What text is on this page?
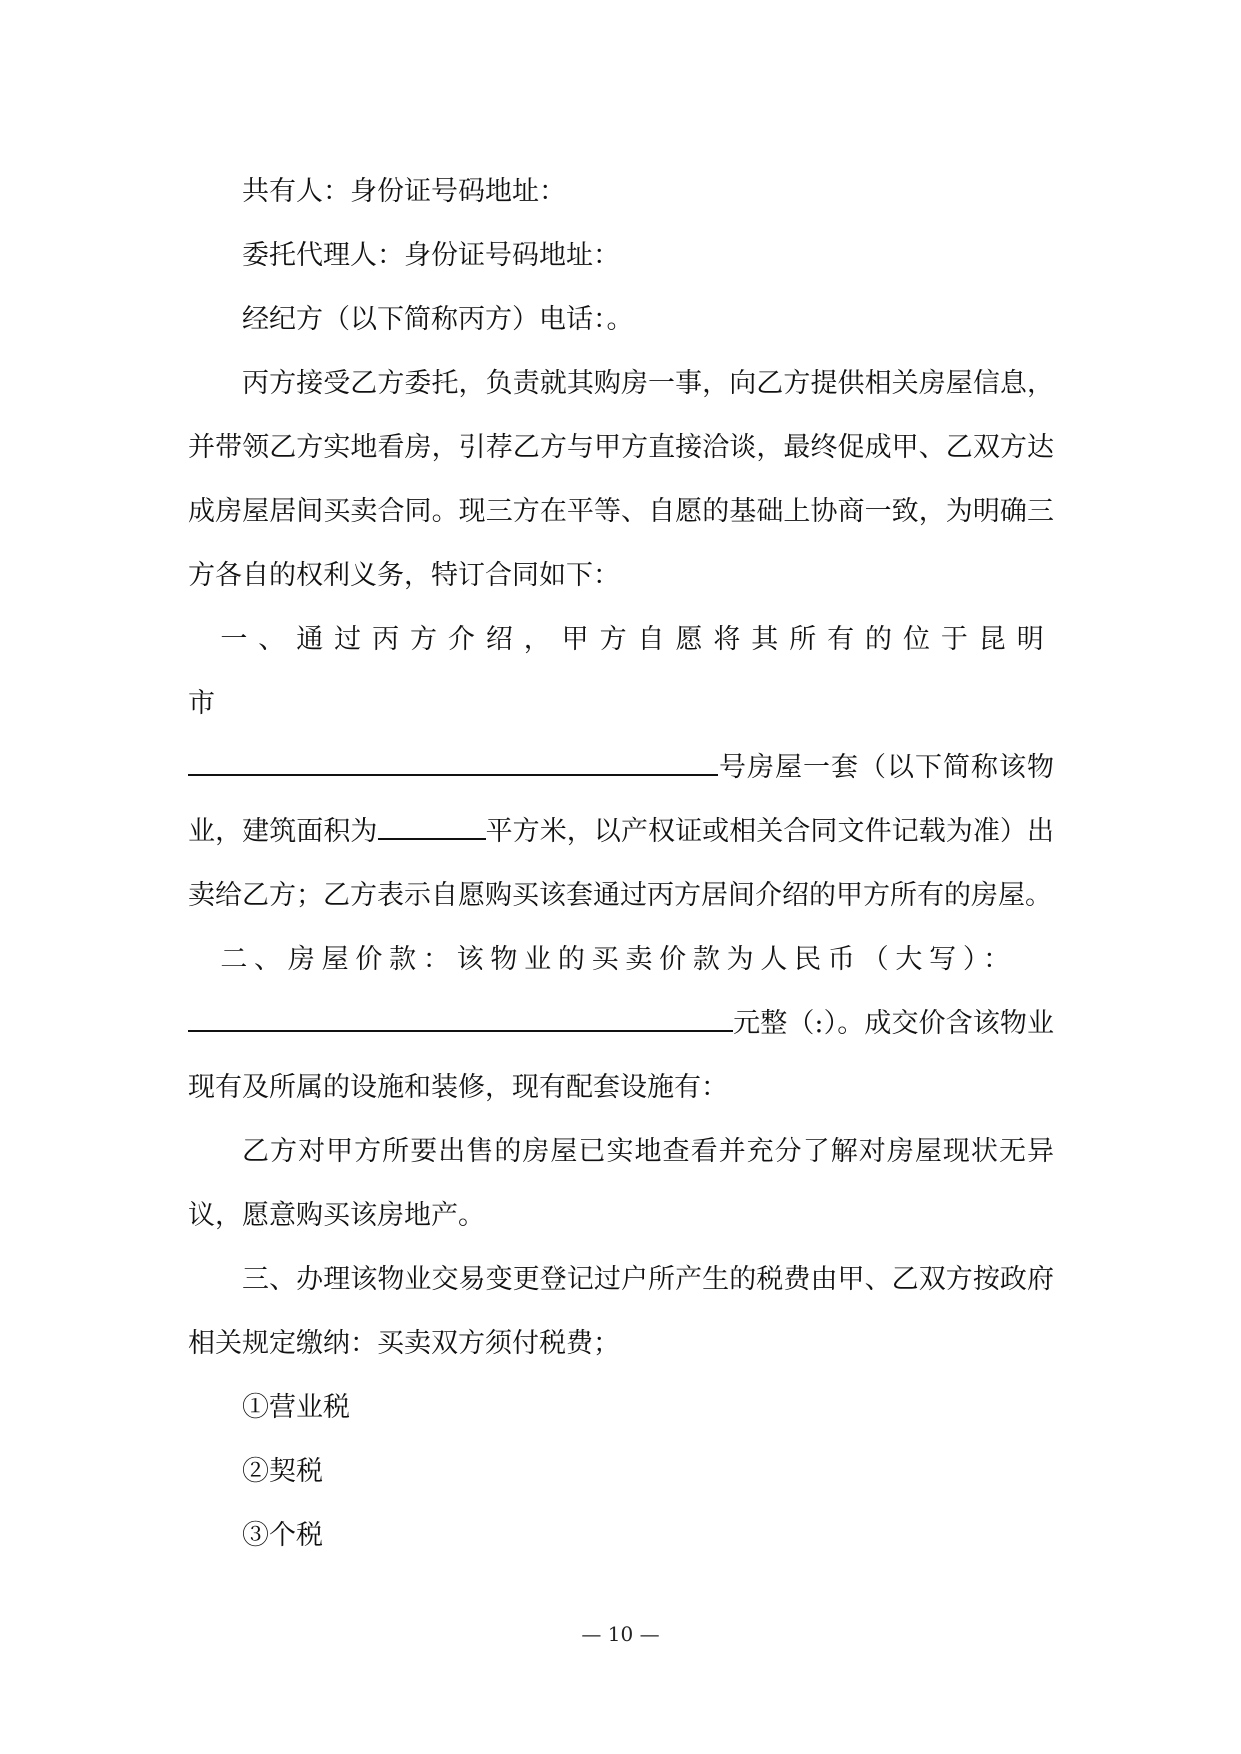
共有人：身份证号码地址：

委托代理人：身份证号码地址：

经纪方（以下简称丙方）电话：。

丙方接受乙方委托，负责就其购房一事，向乙方提供相关房屋信息，并带领乙方实地看房，引荐乙方与甲方直接洽谈，最终促成甲、乙双方达成房屋居间买卖合同。现三方在平等、自愿的基础上协商一致，为明确三方各自的权利义务，特订合同如下：

一、通过丙方介绍，甲方自愿将其所有的位于昆明市
号房屋一套（以下简称该物业，建筑面积为	平方米，以产权证或相关合同文件记载为准）出卖给乙方；乙方表示自愿购买该套通过丙方居间介绍的甲方所有的房屋。

二、房屋价款：该物业的买卖价款为人民币（大写）：
元整（:）。成交价含该物业现有及所属的设施和装修，现有配套设施有：

乙方对甲方所要出售的房屋已实地查看并充分了解对房屋现状无异议，愿意购买该房地产。

三、办理该物业交易变更登记过户所产生的税费由甲、乙双方按政府相关规定缴纳：买卖双方须付税费；

①营业税

②契税

③个税

— 10 —
